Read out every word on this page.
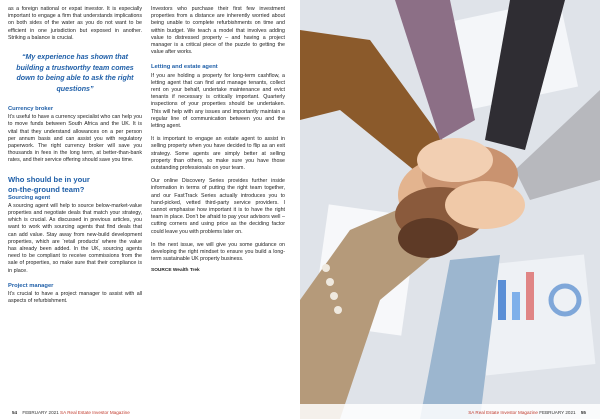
as a foreign national or expat investor. It is especially important to engage a firm that understands implications on both sides of the water as you do not want to be efficient in one jurisdiction but exposed in another. Striking a balance is crucial.

“My experience has shown that building a trustworthy team comes down to being able to ask the right questions”
Currency broker

It’s useful to have a currency specialist who can help you to move funds between South Africa and the UK. It is vital that they understand allowances on a per person per annum basis and can assist you with regulatory paperwork. The right currency broker will save you thousands in fees in the long term, at better-than-bank rates, and their service offering should save you time.

Who should be in your
on-the-ground team?
Sourcing agent

A sourcing agent will help to source below-market-value properties and negotiate deals that match your strategy, which is crucial. As discussed in previous articles, you want to work with sourcing agents that find deals that can add value. Stay away from new-build development properties, which are ‘retail products’ where the value has already been added. In the UK, sourcing agents need to be compliant to receive commissions from the sale of properties, so make sure that their compliance is in place.

Project manager

It’s crucial to have a project manager to assist with all aspects of refurbishment.

Investors who purchase their first few investment properties from a distance are inherently worried about being unable to complete refurbishments on time and within budget. We teach a model that involves adding value to distressed property – and having a project manager is a critical piece of the puzzle to getting the value after works.

Letting and estate agent

If you are holding a property for long-term cashflow, a letting agent that can find and manage tenants, collect rent on your behalf, undertake maintenance and evict tenants if necessary is critically important. Quarterly inspections of your properties should be undertaken. This will help with any issues and importantly maintain a regular line of communication between you and the letting agent.

It is important to engage an estate agent to assist in selling property when you have decided to flip as an exit strategy. Some agents are simply better at selling property than others, so make sure you have those outstanding professionals on your team.

Our online Discovery Series provides further inside information in terms of putting the right team together, and our FastTrack Series actually introduces you to hand-picked, vetted third-party service providers. I cannot emphasise how important it is to have the right team in place. Don’t be afraid to pay your advisors well – cutting corners and using price as the deciding factor could leave you with problems later on.

In the next issue, we will give you some guidance on developing the right mindset to ensure you build a long-term sustainable UK property business.

SOURCE Wealth Trek
54 FEBRUARY 2021 SA Real Estate Investor Magazine	SA Real Estate Investor Magazine FEBRUARY 2021 55
